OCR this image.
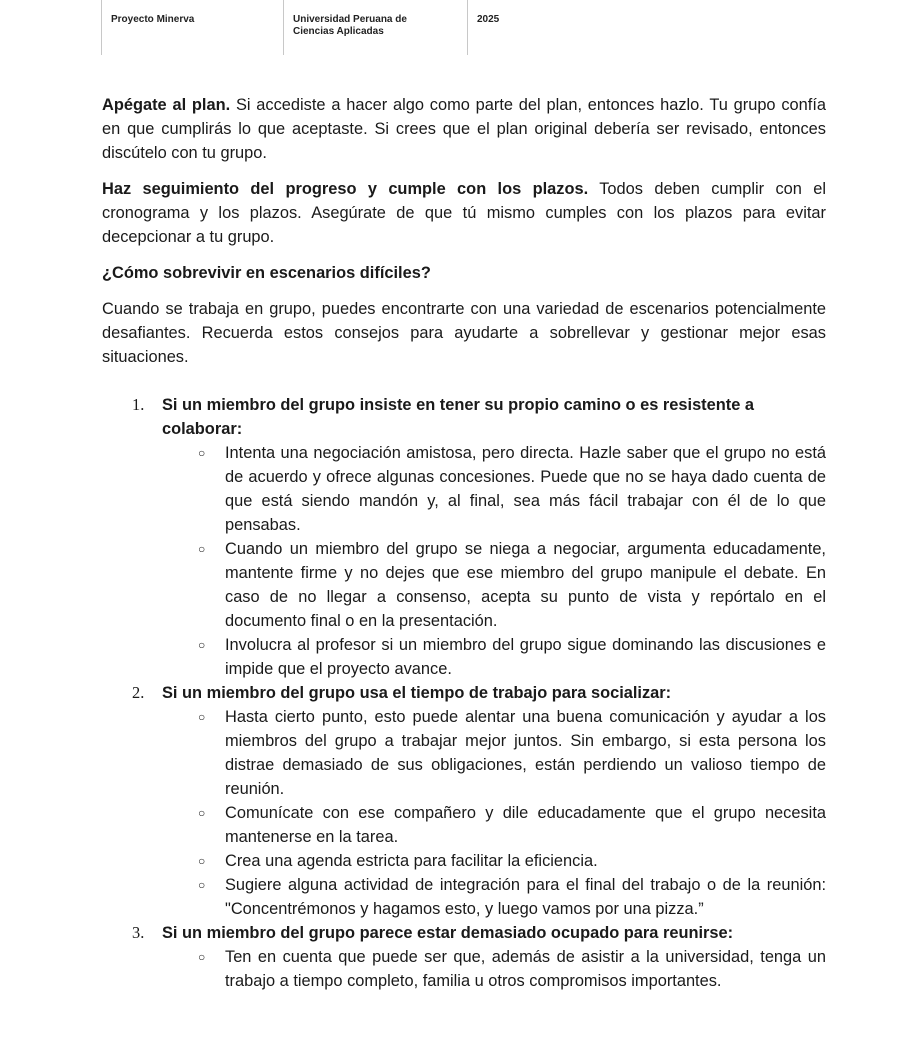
Proyecto Minerva	Universidad Peruana de
Ciencias Aplicadas
2025

Apégate al plan. Si accediste a hacer algo como parte del plan, entonces hazlo. Tu grupo confía en que cumplirás lo que aceptaste. Si crees que el plan original debería ser revisado, entonces discútelo con tu grupo.

Haz seguimiento del progreso y cumple con los plazos. Todos deben cumplir con el cronograma y los plazos. Asegúrate de que tú mismo cumples con los plazos para evitar decepcionar a tu grupo.

¿Cómo sobrevivir en escenarios difíciles?

Cuando se trabaja en grupo, puedes encontrarte con una variedad de escenarios potencialmente desafiantes. Recuerda estos consejos para ayudarte a sobrellevar y gestionar mejor esas situaciones.

1. Si un miembro del grupo insiste en tener su propio camino o es resistente a colaborar:
○ Intenta una negociación amistosa, pero directa. Hazle saber que el grupo no está de acuerdo y ofrece algunas concesiones. Puede que no se haya dado cuenta de que está siendo mandón y, al final, sea más fácil trabajar con él de lo que pensabas.
○ Cuando un miembro del grupo se niega a negociar, argumenta educadamente, mantente firme y no dejes que ese miembro del grupo manipule el debate. En caso de no llegar a consenso, acepta su punto de vista y repórtalo en el documento final o en la presentación.
○ Involucra al profesor si un miembro del grupo sigue dominando las discusiones e impide que el proyecto avance.
2. Si un miembro del grupo usa el tiempo de trabajo para socializar:
○ Hasta cierto punto, esto puede alentar una buena comunicación y ayudar a los miembros del grupo a trabajar mejor juntos. Sin embargo, si esta persona los distrae demasiado de sus obligaciones, están perdiendo un valioso tiempo de reunión.
○ Comunícate con ese compañero y dile educadamente que el grupo necesita mantenerse en la tarea.
○ Crea una agenda estricta para facilitar la eficiencia.
○ Sugiere alguna actividad de integración para el final del trabajo o de la reunión: "Concentrémonos y hagamos esto, y luego vamos por una pizza.”
3. Si un miembro del grupo parece estar demasiado ocupado para reunirse:
○ Ten en cuenta que puede ser que, además de asistir a la universidad, tenga un trabajo a tiempo completo, familia u otros compromisos importantes.
